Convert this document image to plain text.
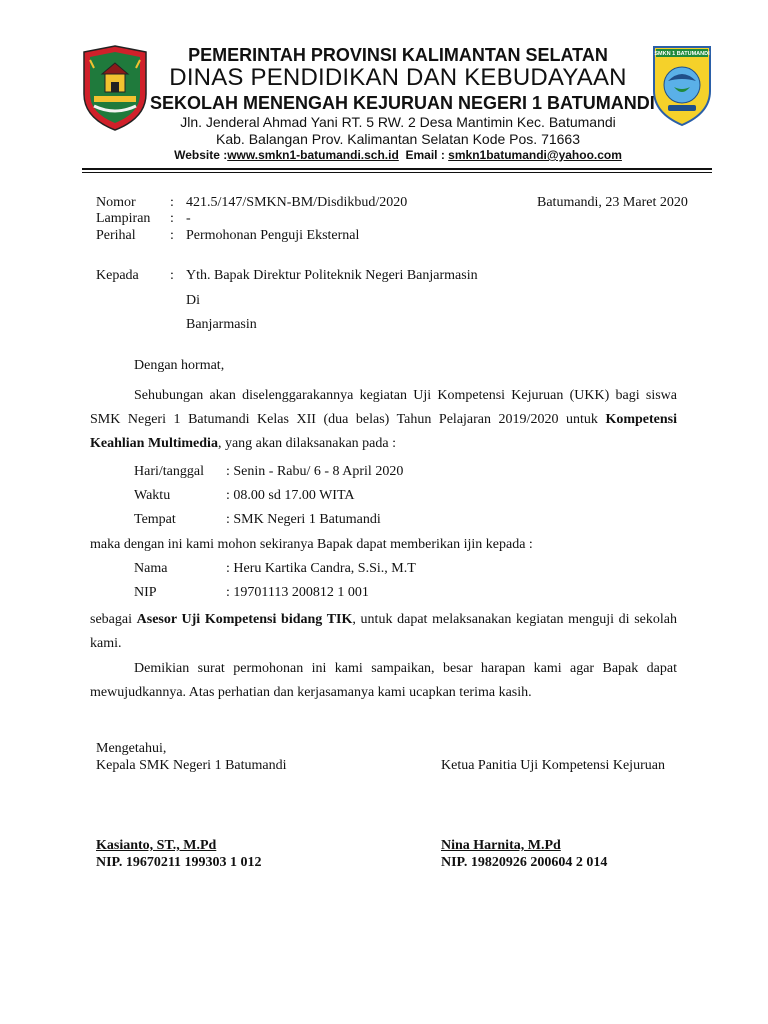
SMKN 1 BATUMANDI
PEMERINTAH PROVINSI KALIMANTAN SELATAN
DINAS PENDIDIKAN DAN KEBUDAYAAN
SEKOLAH MENENGAH KEJURUAN NEGERI 1 BATUMANDI
Jln. Jenderal Ahmad Yani RT. 5 RW. 2 Desa Mantimin Kec. Batumandi
Kab. Balangan Prov. Kalimantan Selatan Kode Pos. 71663
Website :www.smkn1-batumandi.sch.id Email : smkn1batumandi@yahoo.com
Nomor : 421.5/147/SMKN-BM/Disdikbud/2020	Batumandi, 23 Maret 2020
Lampiran : -
Perihal : Permohonan Penguji Eksternal
Kepada : Yth. Bapak Direktur Politeknik Negeri Banjarmasin
Di
Banjarmasin
Dengan hormat,
Sehubungan akan diselenggarakannya kegiatan Uji Kompetensi Kejuruan (UKK) bagi siswa SMK Negeri 1 Batumandi Kelas XII (dua belas) Tahun Pelajaran 2019/2020 untuk Kompetensi Keahlian Multimedia, yang akan dilaksanakan pada :
Hari/tanggal : Senin - Rabu/ 6 - 8 April 2020
Waktu	: 08.00 sd 17.00 WITA
Tempat	: SMK Negeri 1 Batumandi
maka dengan ini kami mohon sekiranya Bapak dapat memberikan ijin kepada :
Nama	: Heru Kartika Candra, S.Si., M.T
NIP	: 19701113 200812 1 001
sebagai Asesor Uji Kompetensi bidang TIK, untuk dapat melaksanakan kegiatan menguji di sekolah kami.
Demikian surat permohonan ini kami sampaikan, besar harapan kami agar Bapak dapat mewujudkannya. Atas perhatian dan kerjasamanya kami ucapkan terima kasih.
Mengetahui,
Kepala SMK Negeri 1 Batumandi	Ketua Panitia Uji Kompetensi Kejuruan
Kasianto, ST., M.Pd
NIP. 19670211 199303 1 012
Nina Harnita, M.Pd
NIP. 19820926 200604 2 014
